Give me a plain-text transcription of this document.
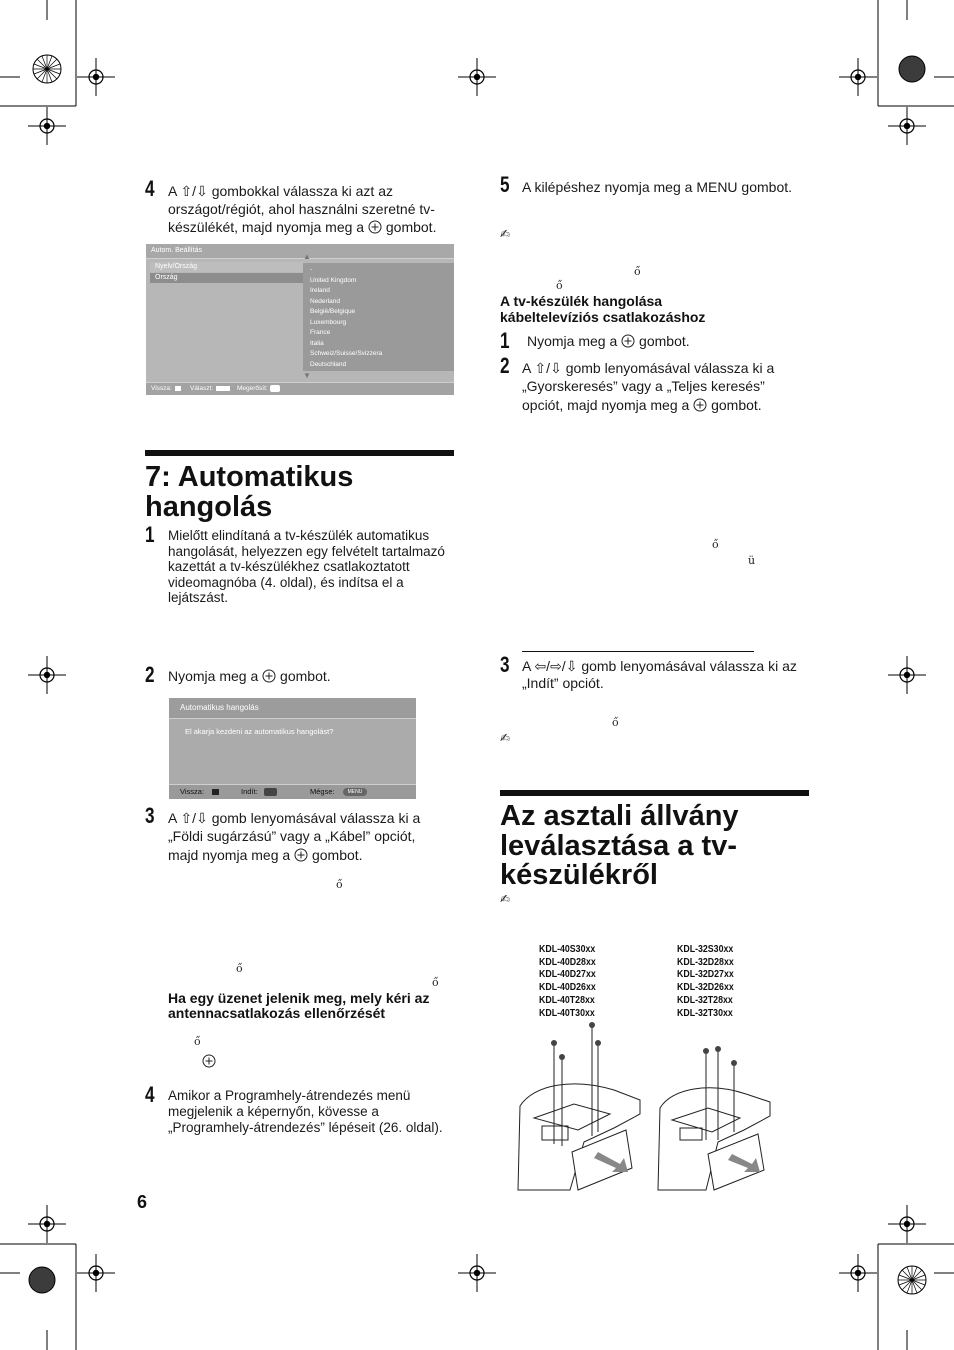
4 A ⇧/⇩ gombokkal válassza ki azt az
országot/régiót, ahol használni szeretné tv-
készülékét, majd nyomja meg a gombot.
Autom. Beállítás
Nyelv/Ország
Ország
▲
▼
-
United Kingdom
Ireland
Nederland
België/Belgique
Luxembourg
France
Italia
Schweiz/Suisse/Svizzera
Deutschland
Vissza:	Választ:	Megerősít:
7: Automatikus
hangolás
1 Mielőtt elindítaná a tv-készülék automatikus
hangolását, helyezzen egy felvételt tartalmazó
kazettát a tv-készülékhez csatlakoztatott
videomagnóba (4. oldal), és indítsa el a
lejátszást.
2 Nyomja meg a gombot.
Automatikus hangolás
El akarja kezdeni az automatikus hangolást?
Vissza:	Indít:	Mégse:	MENU
3 A ⇧/⇩ gomb lenyomásával válassza ki a
„Földi sugárzású” vagy a „Kábel” opciót,
majd nyomja meg a gombot.
ő
ő
ő
Ha egy üzenet jelenik meg, mely kéri az
antennacsatlakozás ellenőrzését
ő
4 Amikor a Programhely-átrendezés menü
megjelenik a képernyőn, kövesse a
„Programhely-átrendezés” lépéseit (26. oldal).
6
5 A kilépéshez nyomja meg a MENU gombot.
✍
ő
ő
A tv-készülék hangolása
kábeltelevíziós csatlakozáshoz
1 Nyomja meg a gombot.
2 A ⇧/⇩ gomb lenyomásával válassza ki a
„Gyorskeresés” vagy a „Teljes keresés”
opciót, majd nyomja meg a gombot.
ő
ü
3 A ⇦/⇨/⇩ gomb lenyomásával válassza ki az
„Indít” opciót.
ő
✍
Az asztali állvány
leválasztása a tv-
készülékről
✍
KDL-40S30xx
KDL-40D28xx
KDL-40D27xx
KDL-40D26xx
KDL-40T28xx
KDL-40T30xx
KDL-32S30xx
KDL-32D28xx
KDL-32D27xx
KDL-32D26xx
KDL-32T28xx
KDL-32T30xx
